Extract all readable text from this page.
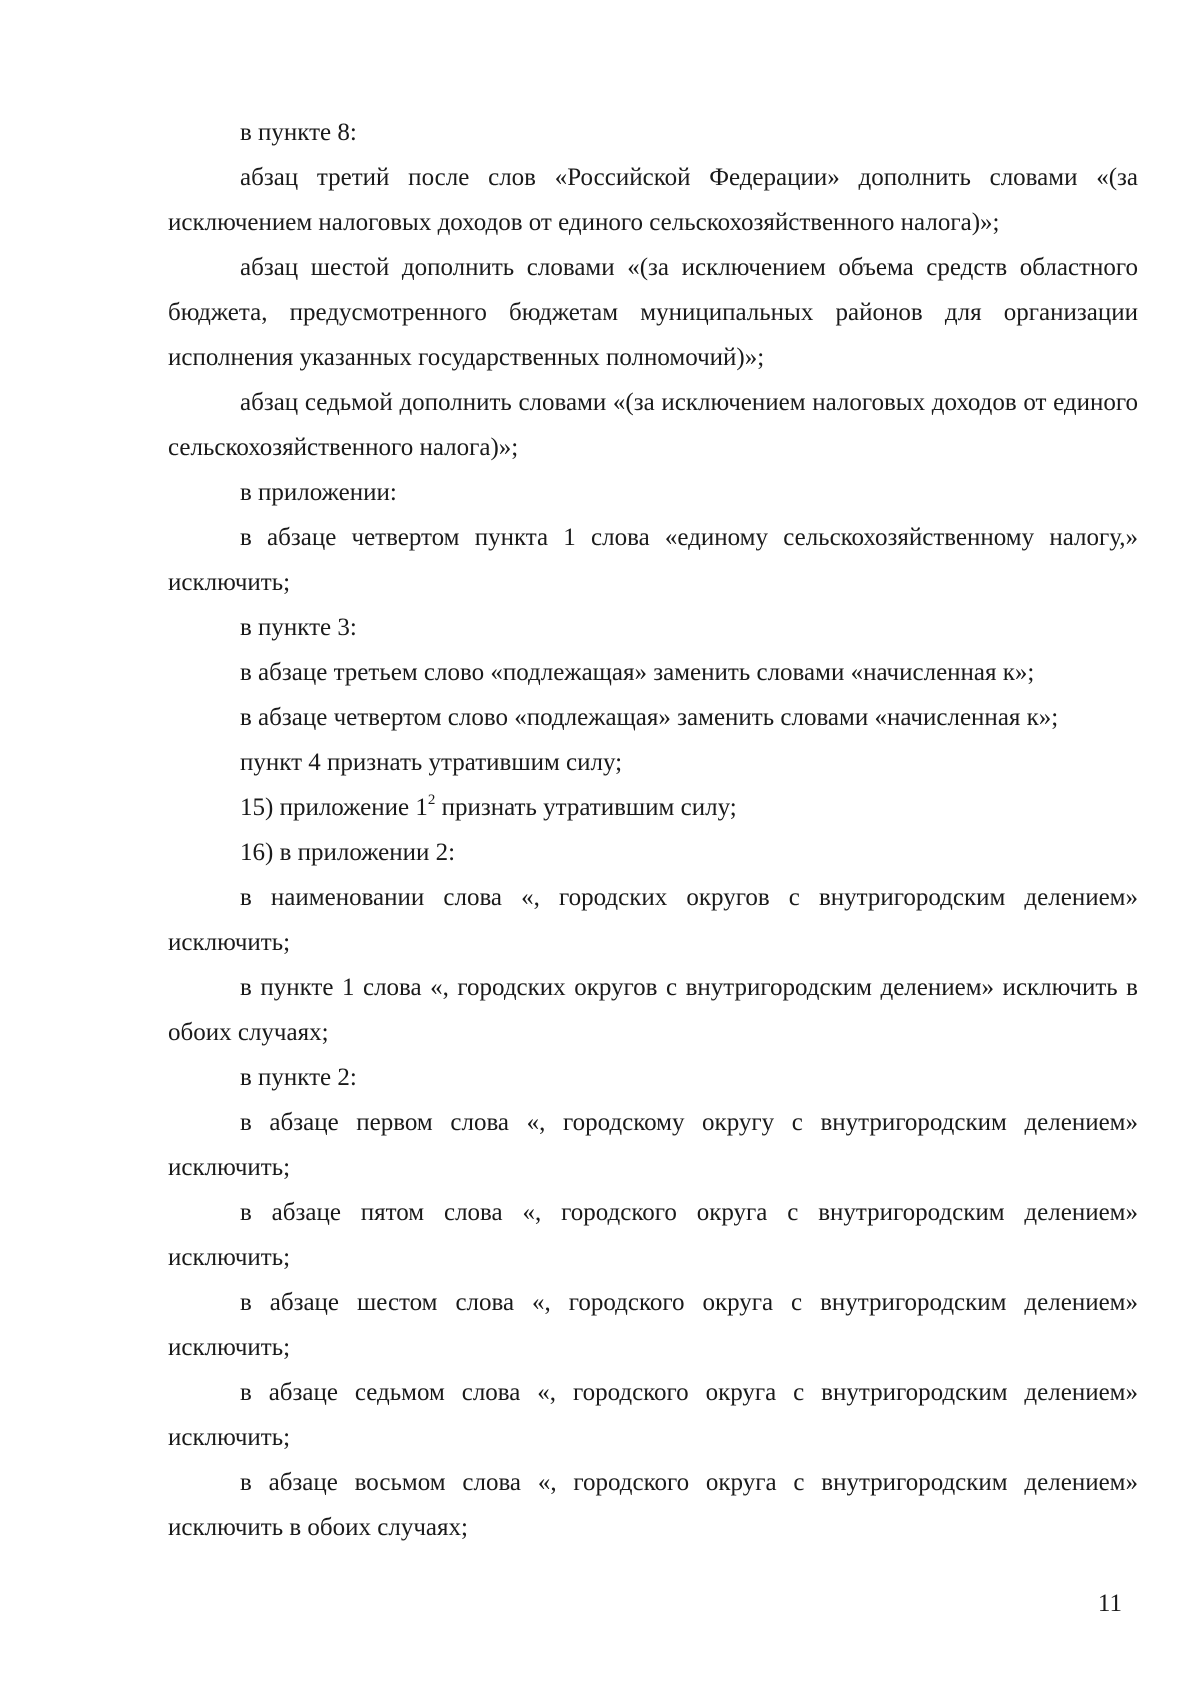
в пункте 8:

абзац третий после слов «Российской Федерации» дополнить словами «(за исключением налоговых доходов от единого сельскохозяйственного налога)»;

абзац шестой дополнить словами «(за исключением объема средств областного бюджета, предусмотренного бюджетам муниципальных районов для организации исполнения указанных государственных полномочий)»;

абзац седьмой дополнить словами «(за исключением налоговых доходов от единого сельскохозяйственного налога)»;

в приложении:

в абзаце четвертом пункта 1 слова «единому сельскохозяйственному налогу,» исключить;

в пункте 3:

в абзаце третьем слово «подлежащая» заменить словами «начисленная к»;

в абзаце четвертом слово «подлежащая» заменить словами «начисленная к»;

пункт 4 признать утратившим силу;

15) приложение $1^2$ признать утратившим силу;

16) в приложении 2:

в наименовании слова «, городских округов с внутригородским делением» исключить;

в пункте 1 слова «, городских округов с внутригородским делением» исключить в обоих случаях;

в пункте 2:

в абзаце первом слова «, городскому округу с внутригородским делением» исключить;

в абзаце пятом слова «, городского округа с внутригородским делением» исключить;

в абзаце шестом слова «, городского округа с внутригородским делением» исключить;

в абзаце седьмом слова «, городского округа с внутригородским делением» исключить;

в абзаце восьмом слова «, городского округа с внутригородским делением» исключить в обоих случаях;

11
